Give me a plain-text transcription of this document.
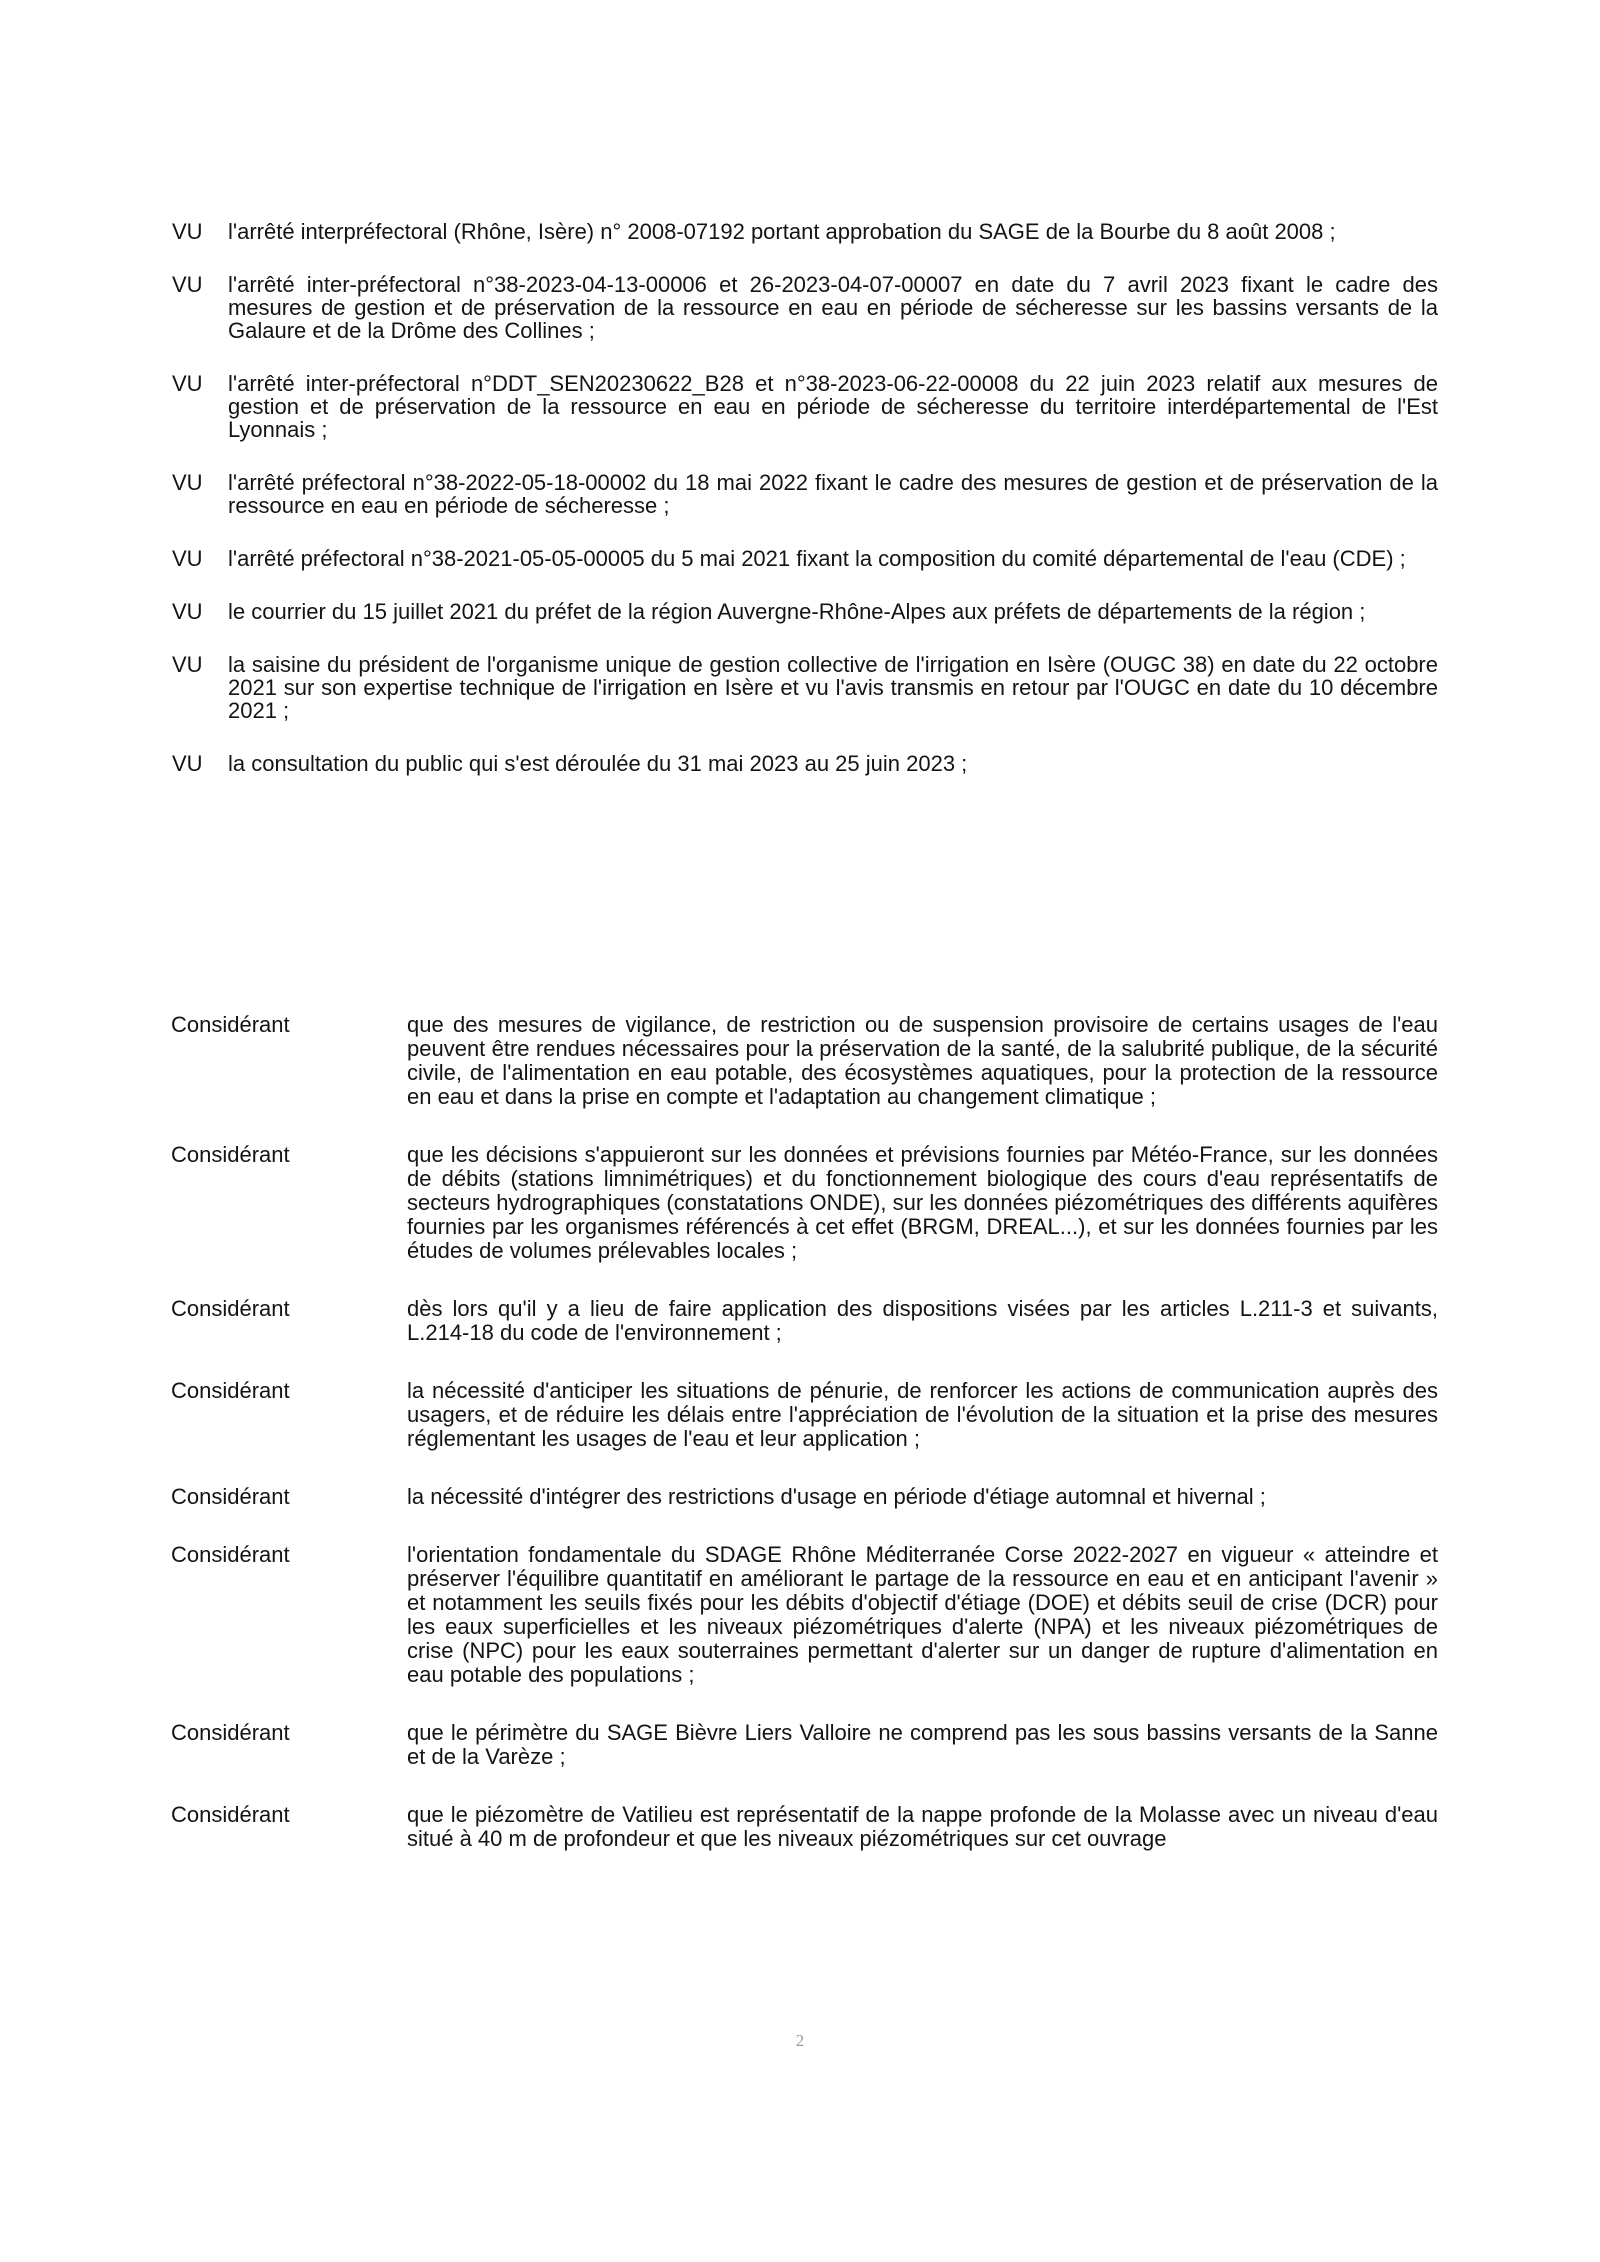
VU	l'arrêté interpréfectoral (Rhône, Isère) n° 2008-07192 portant approbation du SAGE de la Bourbe du 8 août 2008 ;
VU	l'arrêté inter-préfectoral n°38-2023-04-13-00006 et 26-2023-04-07-00007 en date du 7 avril 2023 fixant le cadre des mesures de gestion et de préservation de la ressource en eau en période de sécheresse sur les bassins versants de la Galaure et de la Drôme des Collines ;
VU	l'arrêté inter-préfectoral n°DDT_SEN20230622_B28 et n°38-2023-06-22-00008 du 22 juin 2023 relatif aux mesures de gestion et de préservation de la ressource en eau en période de sécheresse du territoire interdépartemental de l'Est Lyonnais ;
VU	l'arrêté préfectoral n°38-2022-05-18-00002 du 18 mai 2022 fixant le cadre des mesures de gestion et de préservation de la ressource en eau en période de sécheresse ;
VU	l'arrêté préfectoral n°38-2021-05-05-00005 du 5 mai 2021 fixant la composition du comité départemental de l'eau (CDE) ;
VU	le courrier du 15 juillet 2021 du préfet de la région Auvergne-Rhône-Alpes aux préfets de départements de la région ;
VU	la saisine du président de l'organisme unique de gestion collective de l'irrigation en Isère (OUGC 38) en date du 22 octobre 2021 sur son expertise technique de l'irrigation en Isère et vu l'avis transmis en retour par l'OUGC en date du 10 décembre 2021 ;
VU	la consultation du public qui s'est déroulée du 31 mai 2023 au 25 juin 2023 ;
Considérant	que des mesures de vigilance, de restriction ou de suspension provisoire de certains usages de l'eau peuvent être rendues nécessaires pour la préservation de la santé, de la salubrité publique, de la sécurité civile, de l'alimentation en eau potable, des écosystèmes aquatiques, pour la protection de la ressource en eau et dans la prise en compte et l'adaptation au changement climatique ;
Considérant	que les décisions s'appuieront sur les données et prévisions fournies par Météo-France, sur les données de débits (stations limnimétriques) et du fonctionnement biologique des cours d'eau représentatifs de secteurs hydrographiques (constatations ONDE), sur les données piézométriques des différents aquifères fournies par les organismes référencés à cet effet (BRGM, DREAL...), et sur les données fournies par les études de volumes prélevables locales ;
Considérant	dès lors qu'il y a lieu de faire application des dispositions visées par les articles L.211-3 et suivants, L.214-18 du code de l'environnement ;
Considérant	la nécessité d'anticiper les situations de pénurie, de renforcer les actions de communication auprès des usagers, et de réduire les délais entre l'appréciation de l'évolution de la situation et la prise des mesures réglementant les usages de l'eau et leur application ;
Considérant	la nécessité d'intégrer des restrictions d'usage en période d'étiage automnal et hivernal ;
Considérant	l'orientation fondamentale du SDAGE Rhône Méditerranée Corse 2022-2027 en vigueur « atteindre et préserver l'équilibre quantitatif en améliorant le partage de la ressource en eau et en anticipant l'avenir » et notamment les seuils fixés pour les débits d'objectif d'étiage (DOE) et débits seuil de crise (DCR) pour les eaux superficielles et les niveaux piézométriques d'alerte (NPA) et les niveaux piézométriques de crise (NPC) pour les eaux souterraines permettant d'alerter sur un danger de rupture d'alimentation en eau potable des populations ;
Considérant	que le périmètre du SAGE Bièvre Liers Valloire ne comprend pas les sous bassins versants de la Sanne et de la Varèze ;
Considérant	que le piézomètre de Vatilieu est représentatif de la nappe profonde de la Molasse avec un niveau d'eau situé à 40 m de profondeur et que les niveaux piézométriques sur cet ouvrage
2
